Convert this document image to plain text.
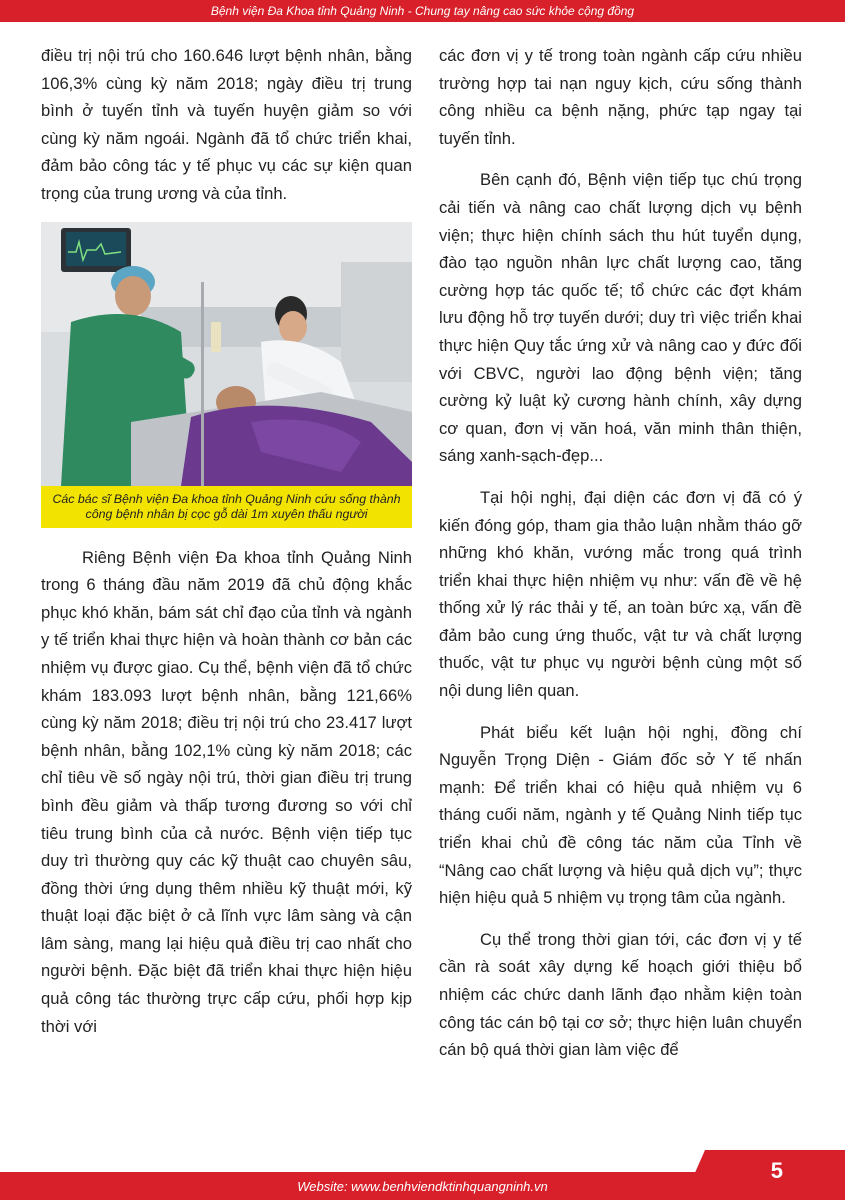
Bệnh viện Đa Khoa tỉnh Quảng Ninh - Chung tay nâng cao sức khỏe cộng đồng

điều trị nội trú cho 160.646 lượt bệnh nhân, bằng 106,3% cùng kỳ năm 2018; ngày điều trị trung bình ở tuyến tỉnh và tuyến huyện giảm so với cùng kỳ năm ngoái. Ngành đã tổ chức triển khai, đảm bảo công tác y tế phục vụ các sự kiện quan trọng của trung ương và của tỉnh.

Các bác sĩ Bệnh viện Đa khoa tỉnh Quảng Ninh cứu sống thành công bệnh nhân bị cọc gỗ dài 1m xuyên thấu người

Riêng Bệnh viện Đa khoa tỉnh Quảng Ninh trong 6 tháng đầu năm 2019 đã chủ động khắc phục khó khăn, bám sát chỉ đạo của tỉnh và ngành y tế triển khai thực hiện và hoàn thành cơ bản các nhiệm vụ được giao. Cụ thể, bệnh viện đã tổ chức khám 183.093 lượt bệnh nhân, bằng 121,66% cùng kỳ năm 2018; điều trị nội trú cho 23.417 lượt bệnh nhân, bằng 102,1% cùng kỳ năm 2018; các chỉ tiêu về số ngày nội trú, thời gian điều trị trung bình đều giảm và thấp tương đương so với chỉ tiêu trung bình của cả nước. Bệnh viện tiếp tục duy trì thường quy các kỹ thuật cao chuyên sâu, đồng thời ứng dụng thêm nhiều kỹ thuật mới, kỹ thuật loại đặc biệt ở cả lĩnh vực lâm sàng và cận lâm sàng, mang lại hiệu quả điều trị cao nhất cho người bệnh. Đặc biệt đã triển khai thực hiện hiệu quả công tác thường trực cấp cứu, phối hợp kịp thời với

các đơn vị y tế trong toàn ngành cấp cứu nhiều trường hợp tai nạn nguy kịch, cứu sống thành công nhiều ca bệnh nặng, phức tạp ngay tại tuyến tỉnh.

Bên cạnh đó, Bệnh viện tiếp tục chú trọng cải tiến và nâng cao chất lượng dịch vụ bệnh viện; thực hiện chính sách thu hút tuyển dụng, đào tạo nguồn nhân lực chất lượng cao, tăng cường hợp tác quốc tế; tổ chức các đợt khám lưu động hỗ trợ tuyến dưới; duy trì việc triển khai thực hiện Quy tắc ứng xử và nâng cao y đức đối với CBVC, người lao động bệnh viện; tăng cường kỷ luật kỷ cương hành chính, xây dựng cơ quan, đơn vị văn hoá, văn minh thân thiện, sáng xanh-sạch-đẹp...

Tại hội nghị, đại diện các đơn vị đã có ý kiến đóng góp, tham gia thảo luận nhằm tháo gỡ những khó khăn, vướng mắc trong quá trình triển khai thực hiện nhiệm vụ như: vấn đề về hệ thống xử lý rác thải y tế, an toàn bức xạ, vấn đề đảm bảo cung ứng thuốc, vật tư và chất lượng thuốc, vật tư phục vụ người bệnh cùng một số nội dung liên quan.

Phát biểu kết luận hội nghị, đồng chí Nguyễn Trọng Diện - Giám đốc sở Y tế nhấn mạnh: Để triển khai có hiệu quả nhiệm vụ 6 tháng cuối năm, ngành y tế Quảng Ninh tiếp tục triển khai chủ đề công tác năm của Tỉnh về “Nâng cao chất lượng và hiệu quả dịch vụ”; thực hiện hiệu quả 5 nhiệm vụ trọng tâm của ngành.

Cụ thể trong thời gian tới, các đơn vị y tế cần rà soát xây dựng kế hoạch giới thiệu bổ nhiệm các chức danh lãnh đạo nhằm kiện toàn công tác cán bộ tại cơ sở; thực hiện luân chuyển cán bộ quá thời gian làm việc để

Website: www.benhviendktinhquangninh.vn
5
